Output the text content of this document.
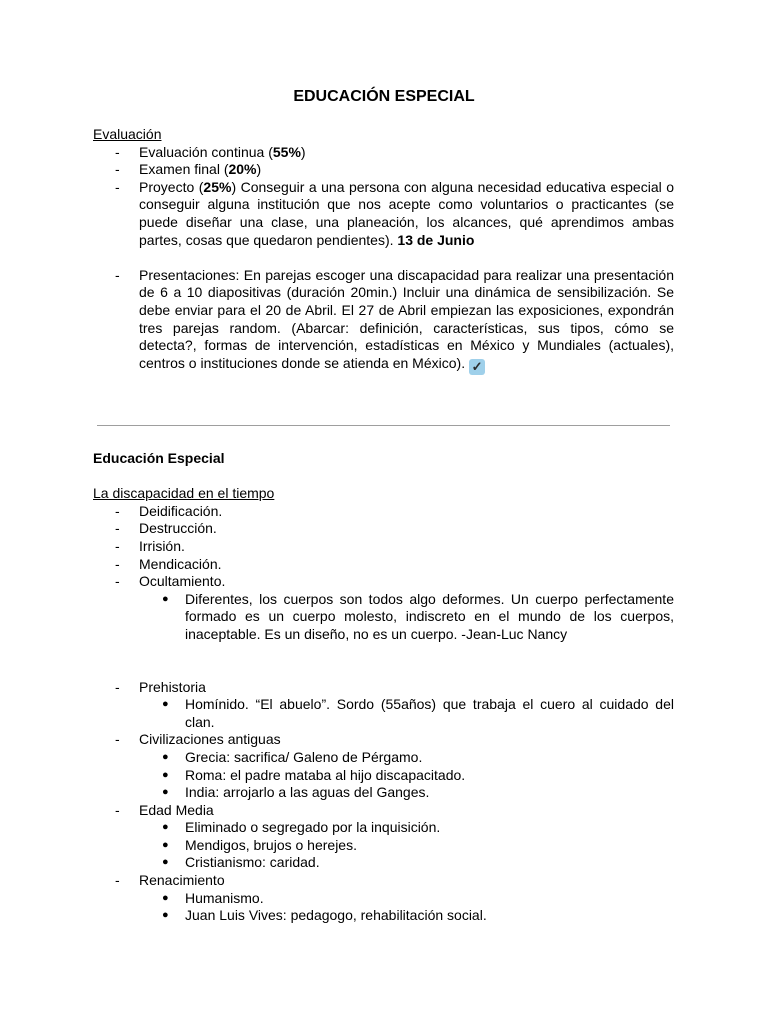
EDUCACIÓN ESPECIAL
Evaluación
- Evaluación continua (55%)
- Examen final (20%)
- Proyecto (25%) Conseguir a una persona con alguna necesidad educativa especial o conseguir alguna institución que nos acepte como voluntarios o practicantes (se puede diseñar una clase, una planeación, los alcances, qué aprendimos ambas partes, cosas que quedaron pendientes). 13 de Junio
- Presentaciones: En parejas escoger una discapacidad para realizar una presentación de 6 a 10 diapositivas (duración 20min.) Incluir una dinámica de sensibilización. Se debe enviar para el 20 de Abril. El 27 de Abril empiezan las exposiciones, expondrán tres parejas random. (Abarcar: definición, características, sus tipos, cómo se detecta?, formas de intervención, estadísticas en México y Mundiales (actuales), centros o instituciones donde se atienda en México). ✓
Educación Especial
La discapacidad en el tiempo
- Deidificación.
- Destrucción.
- Irrisión.
- Mendicación.
- Ocultamiento.
● Diferentes, los cuerpos son todos algo deformes. Un cuerpo perfectamente formado es un cuerpo molesto, indiscreto en el mundo de los cuerpos, inaceptable. Es un diseño, no es un cuerpo. -Jean-Luc Nancy
- Prehistoria
● Homínido. “El abuelo”. Sordo (55años) que trabaja el cuero al cuidado del clan.
- Civilizaciones antiguas
● Grecia: sacrifica/ Galeno de Pérgamo.
● Roma: el padre mataba al hijo discapacitado.
● India: arrojarlo a las aguas del Ganges.
- Edad Media
● Eliminado o segregado por la inquisición.
● Mendigos, brujos o herejes.
● Cristianismo: caridad.
- Renacimiento
● Humanismo.
● Juan Luis Vives: pedagogo, rehabilitación social.
